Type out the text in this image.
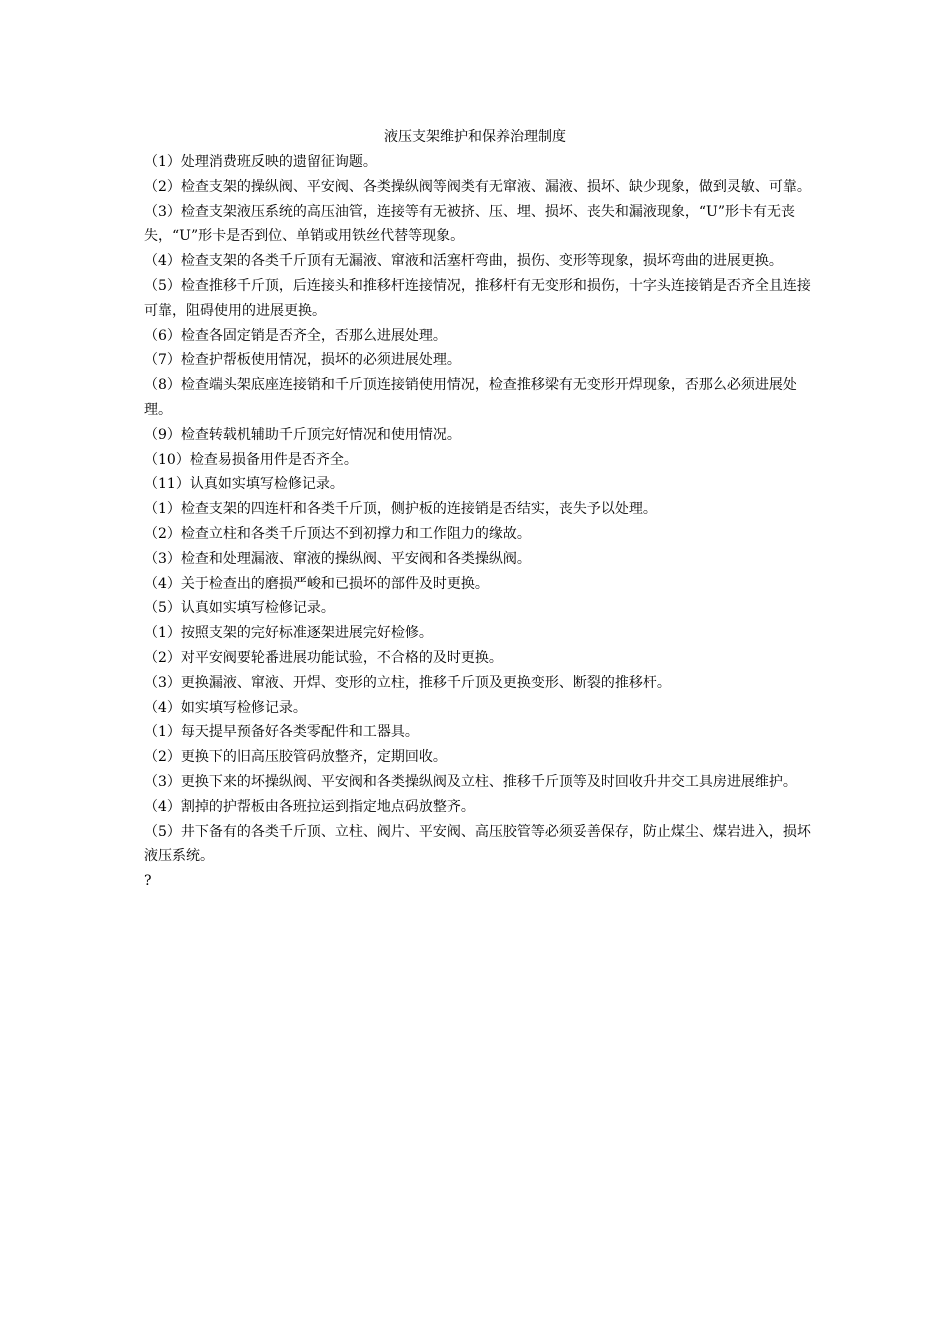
液压支架维护和保养治理制度

（1）处理消费班反映的遗留征询题。

（2）检查支架的操纵阀、平安阀、各类操纵阀等阀类有无窜液、漏液、损坏、缺少现象，做到灵敏、可靠。

（3）检查支架液压系统的高压油管，连接等有无被挤、压、埋、损坏、丧失和漏液现象，“U”形卡有无丧失，“U”形卡是否到位、单销或用铁丝代替等现象。

（4）检查支架的各类千斤顶有无漏液、窜液和活塞杆弯曲，损伤、变形等现象，损坏弯曲的进展更换。

（5）检查推移千斤顶，后连接头和推移杆连接情况，推移杆有无变形和损伤，十字头连接销是否齐全且连接可靠，阻碍使用的进展更换。

（6）检查各固定销是否齐全，否那么进展处理。

（7）检查护帮板使用情况，损坏的必须进展处理。

（8）检查端头架底座连接销和千斤顶连接销使用情况，检查推移梁有无变形开焊现象，否那么必须进展处理。

（9）检查转载机辅助千斤顶完好情况和使用情况。

（10）检查易损备用件是否齐全。

（11）认真如实填写检修记录。

（1）检查支架的四连杆和各类千斤顶，侧护板的连接销是否结实，丧失予以处理。

（2）检查立柱和各类千斤顶达不到初撑力和工作阻力的缘故。

（3）检查和处理漏液、窜液的操纵阀、平安阀和各类操纵阀。

（4）关于检查出的磨损严峻和已损坏的部件及时更换。

（5）认真如实填写检修记录。

（1）按照支架的完好标准逐架进展完好检修。

（2）对平安阀要轮番进展功能试验，不合格的及时更换。

（3）更换漏液、窜液、开焊、变形的立柱，推移千斤顶及更换变形、断裂的推移杆。

（4）如实填写检修记录。

（1）每天提早预备好各类零配件和工器具。

（2）更换下的旧高压胶管码放整齐，定期回收。

（3）更换下来的坏操纵阀、平安阀和各类操纵阀及立柱、推移千斤顶等及时回收升井交工具房进展维护。

（4）割掉的护帮板由各班拉运到指定地点码放整齐。

（5）井下备有的各类千斤顶、立柱、阀片、平安阀、高压胶管等必须妥善保存，防止煤尘、煤岩进入，损坏液压系统。

?
